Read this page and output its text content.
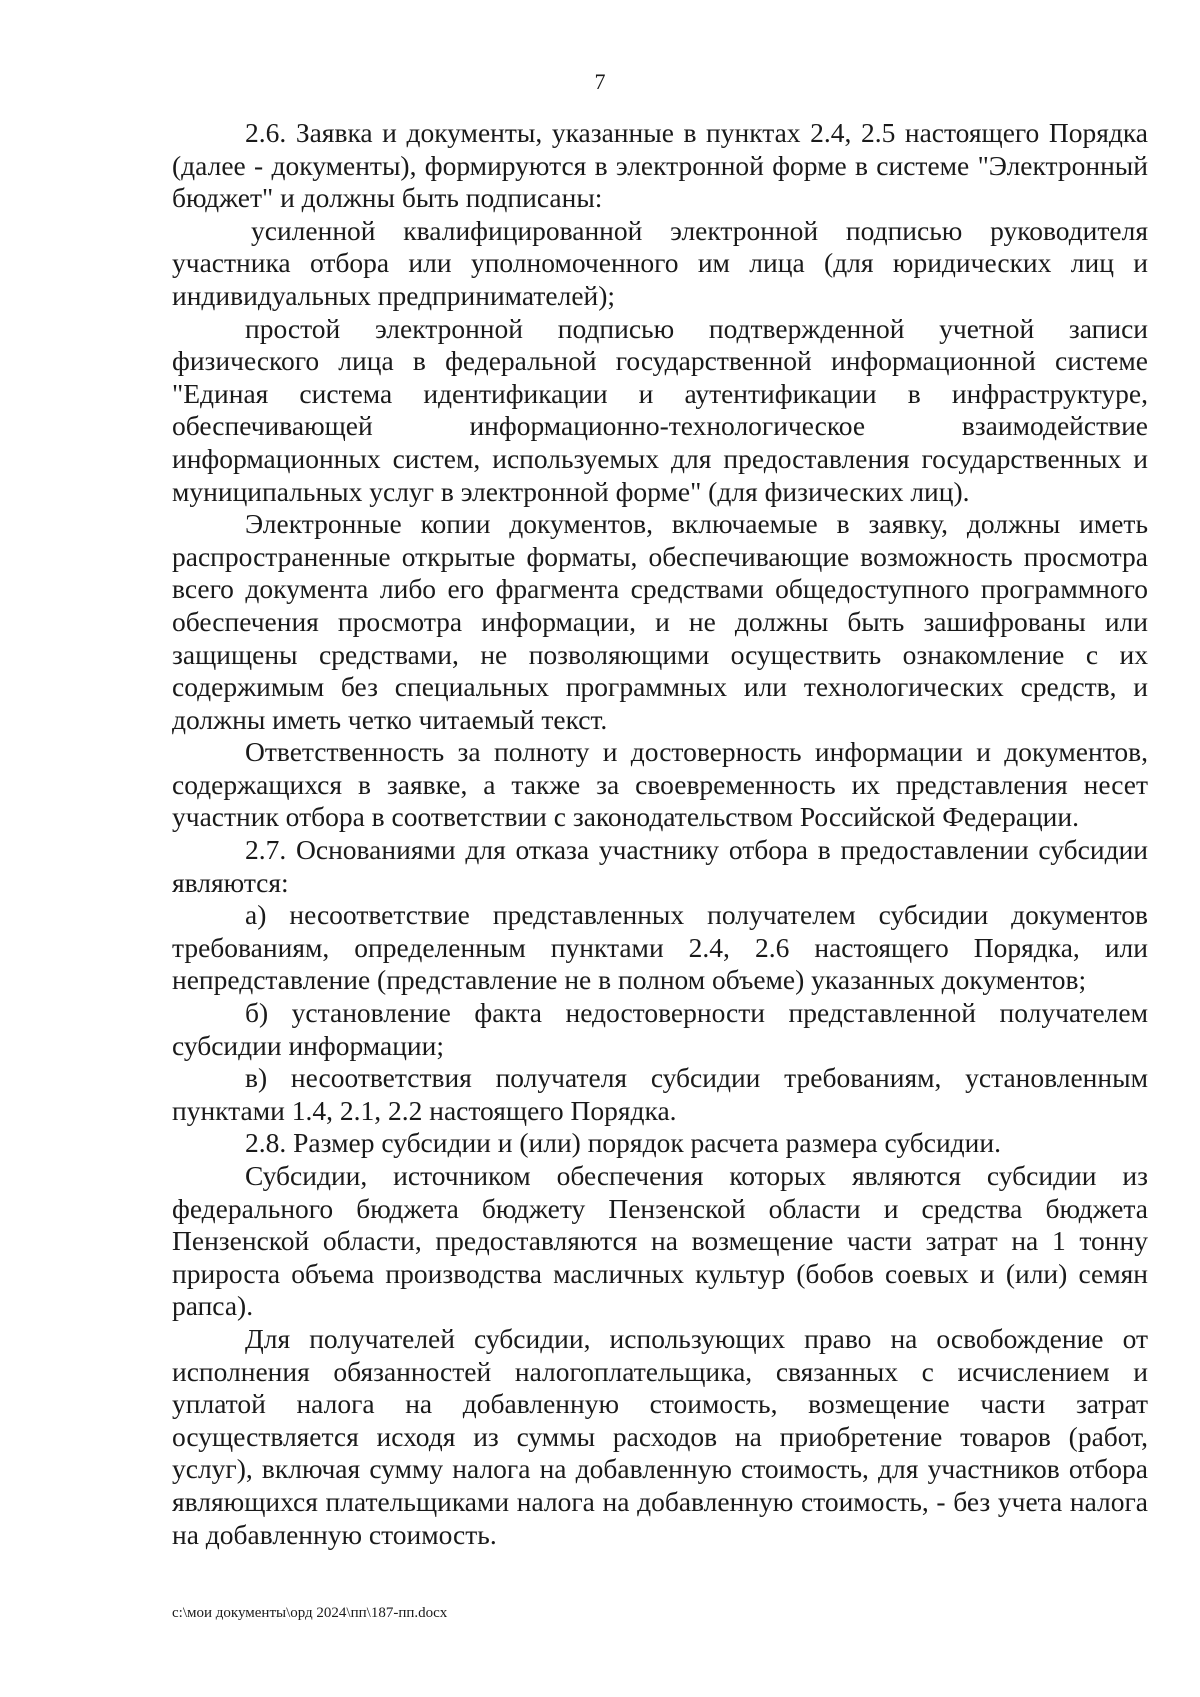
7

2.6. Заявка и документы, указанные в пунктах 2.4, 2.5 настоящего Порядка (далее - документы), формируются в электронной форме в системе "Электронный бюджет" и должны быть подписаны:

усиленной квалифицированной электронной подписью руководителя участника отбора или уполномоченного им лица (для юридических лиц и индивидуальных предпринимателей);

простой электронной подписью подтвержденной учетной записи физического лица в федеральной государственной информационной системе "Единая система идентификации и аутентификации в инфраструктуре, обеспечивающей информационно-технологическое взаимодействие информационных систем, используемых для предоставления государственных и муниципальных услуг в электронной форме" (для физических лиц).

Электронные копии документов, включаемые в заявку, должны иметь распространенные открытые форматы, обеспечивающие возможность просмотра всего документа либо его фрагмента средствами общедоступного программного обеспечения просмотра информации, и не должны быть зашифрованы или защищены средствами, не позволяющими осуществить ознакомление с их содержимым без специальных программных или технологических средств, и должны иметь четко читаемый текст.

Ответственность за полноту и достоверность информации и документов, содержащихся в заявке, а также за своевременность их представления несет участник отбора в соответствии с законодательством Российской Федерации.

2.7. Основаниями для отказа участнику отбора в предоставлении субсидии являются:

а) несоответствие представленных получателем субсидии документов требованиям, определенным пунктами 2.4, 2.6 настоящего Порядка, или непредставление (представление не в полном объеме) указанных документов;

б) установление факта недостоверности представленной получателем субсидии информации;

в) несоответствия получателя субсидии требованиям, установленным пунктами 1.4, 2.1, 2.2 настоящего Порядка.

2.8. Размер субсидии и (или) порядок расчета размера субсидии.

Субсидии, источником обеспечения которых являются субсидии из федерального бюджета бюджету Пензенской области и средства бюджета Пензенской области, предоставляются на возмещение части затрат на 1 тонну прироста объема производства масличных культур (бобов соевых и (или) семян рапса).

Для получателей субсидии, использующих право на освобождение от исполнения обязанностей налогоплательщика, связанных с исчислением и уплатой налога на добавленную стоимость, возмещение части затрат осуществляется исходя из суммы расходов на приобретение товаров (работ, услуг), включая сумму налога на добавленную стоимость, для участников отбора являющихся плательщиками налога на добавленную стоимость, - без учета налога на добавленную стоимость.

c:\мои документы\орд 2024\пп\187-пп.docx
